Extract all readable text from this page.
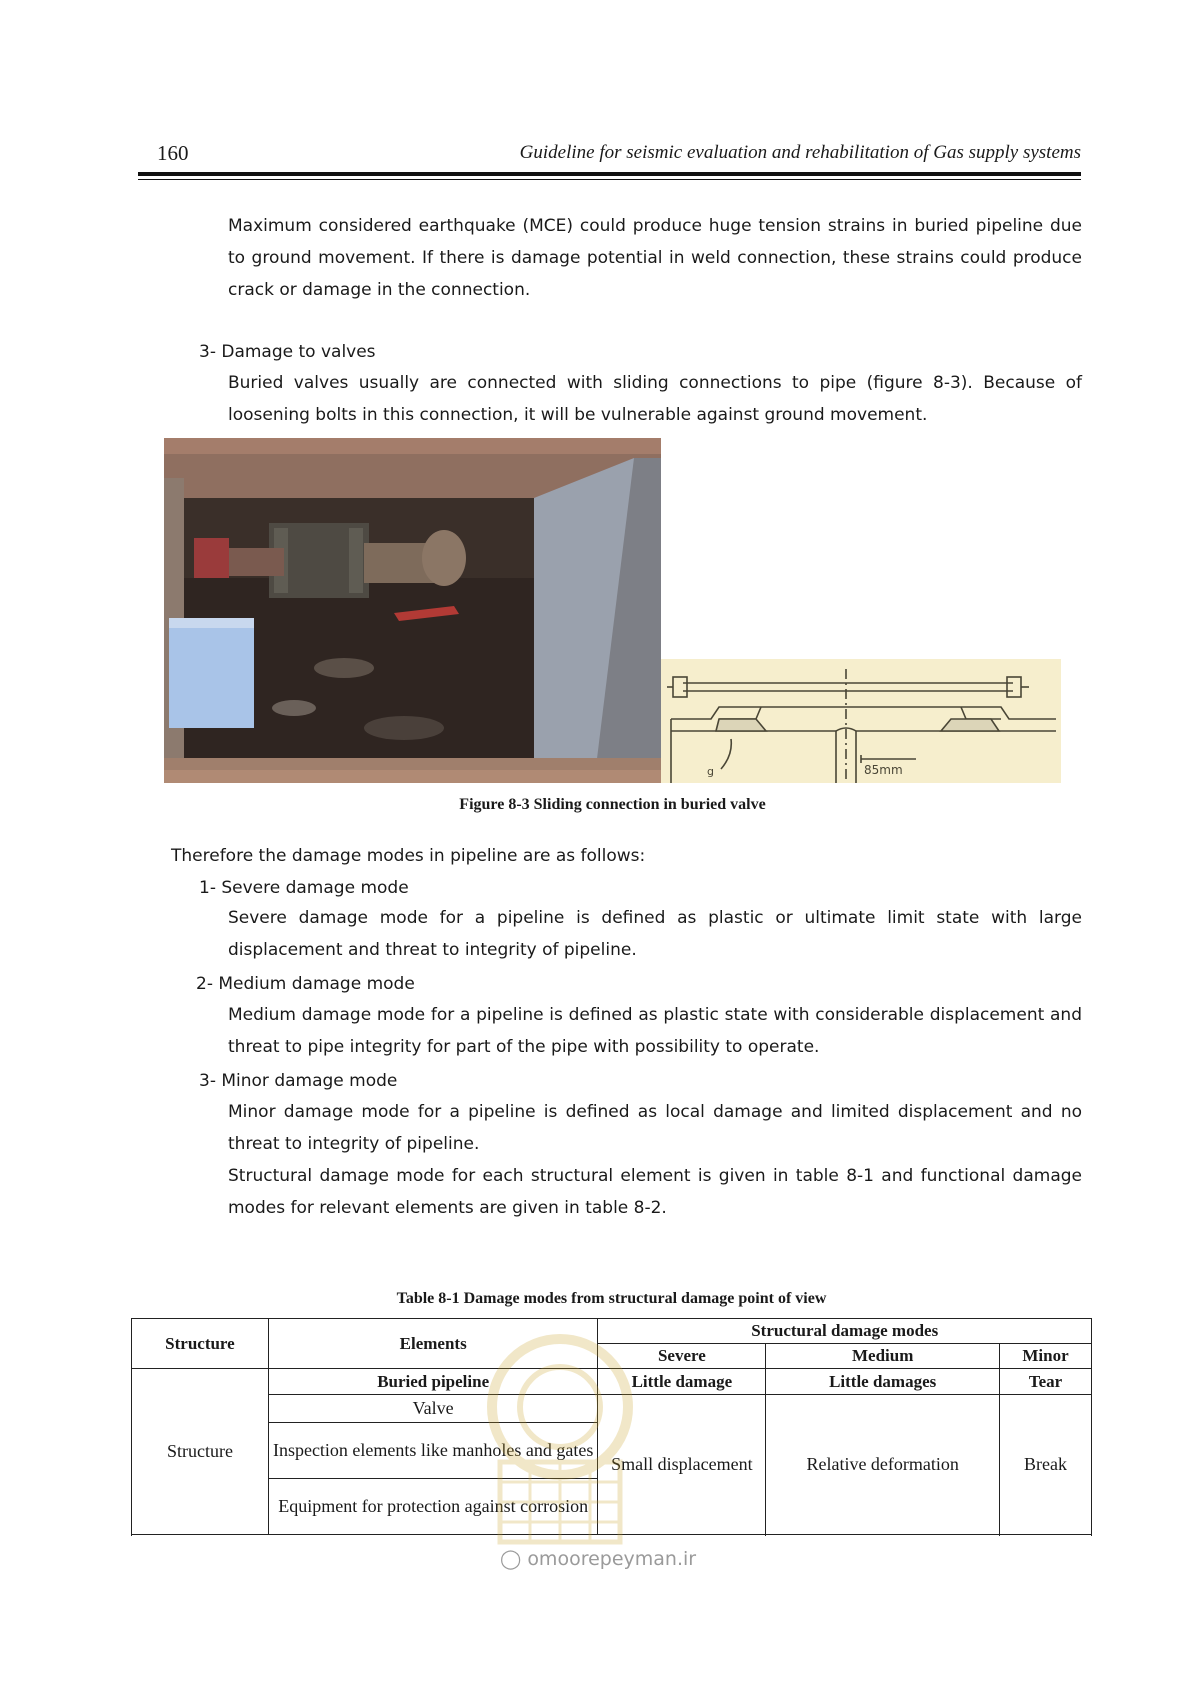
160	Guideline for seismic evaluation and rehabilitation of Gas supply systems
Maximum considered earthquake (MCE) could produce huge tension strains in buried pipeline due to ground movement. If there is damage potential in weld connection, these strains could produce crack or damage in the connection.
3- Damage to valves
Buried valves usually are connected with sliding connections to pipe (figure 8-3). Because of loosening bolts in this connection, it will be vulnerable against ground movement.
g	85mm
Figure 8-3 Sliding connection in buried valve
Therefore the damage modes in pipeline are as follows:
1- Severe damage mode
Severe damage mode for a pipeline is defined as plastic or ultimate limit state with large displacement and threat to integrity of pipeline.
2- Medium damage mode
Medium damage mode for a pipeline is defined as plastic state with considerable displacement and threat to pipe integrity for part of the pipe with possibility to operate.
3- Minor damage mode
Minor damage mode for a pipeline is defined as local damage and limited displacement and no threat to integrity of pipeline.
Structural damage mode for each structural element is given in table 8-1 and functional damage modes for relevant elements are given in table 8-2.
Table 8-1 Damage modes from structural damage point of view
Structure	Elements	Structural damage modes		
		Severe	Medium	Minor
Structure	Buried pipeline	Little damage	Little damages	Tear
	Valve	Small displacement	Relative deformation	Break
	Inspection elements like manholes and gates			
	Equipment for protection against corrosion			

◯ omoorepeyman.ir
